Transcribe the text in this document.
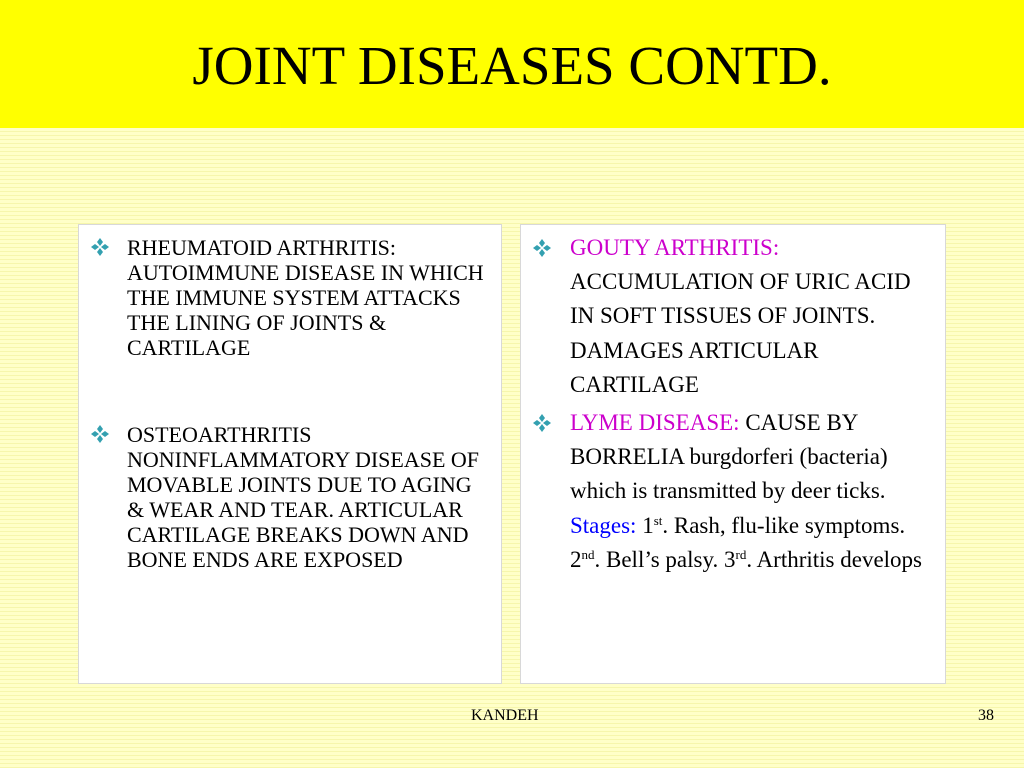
JOINT DISEASES CONTD.
RHEUMATOID ARTHRITIS: AUTOIMMUNE DISEASE IN WHICH THE IMMUNE SYSTEM ATTACKS THE LINING OF JOINTS & CARTILAGE
OSTEOARTHRITIS NONINFLAMMATORY DISEASE OF MOVABLE JOINTS DUE TO AGING & WEAR AND TEAR. ARTICULAR CARTILAGE BREAKS DOWN AND BONE ENDS ARE EXPOSED
GOUTY ARTHRITIS: ACCUMULATION OF URIC ACID IN SOFT TISSUES OF JOINTS. DAMAGES ARTICULAR CARTILAGE
LYME DISEASE: CAUSE BY BORRELIA burgdorferi (bacteria) which is transmitted by deer ticks. Stages: 1st. Rash, flu-like symptoms. 2nd. Bell’s palsy. 3rd. Arthritis develops
KANDEH	38
